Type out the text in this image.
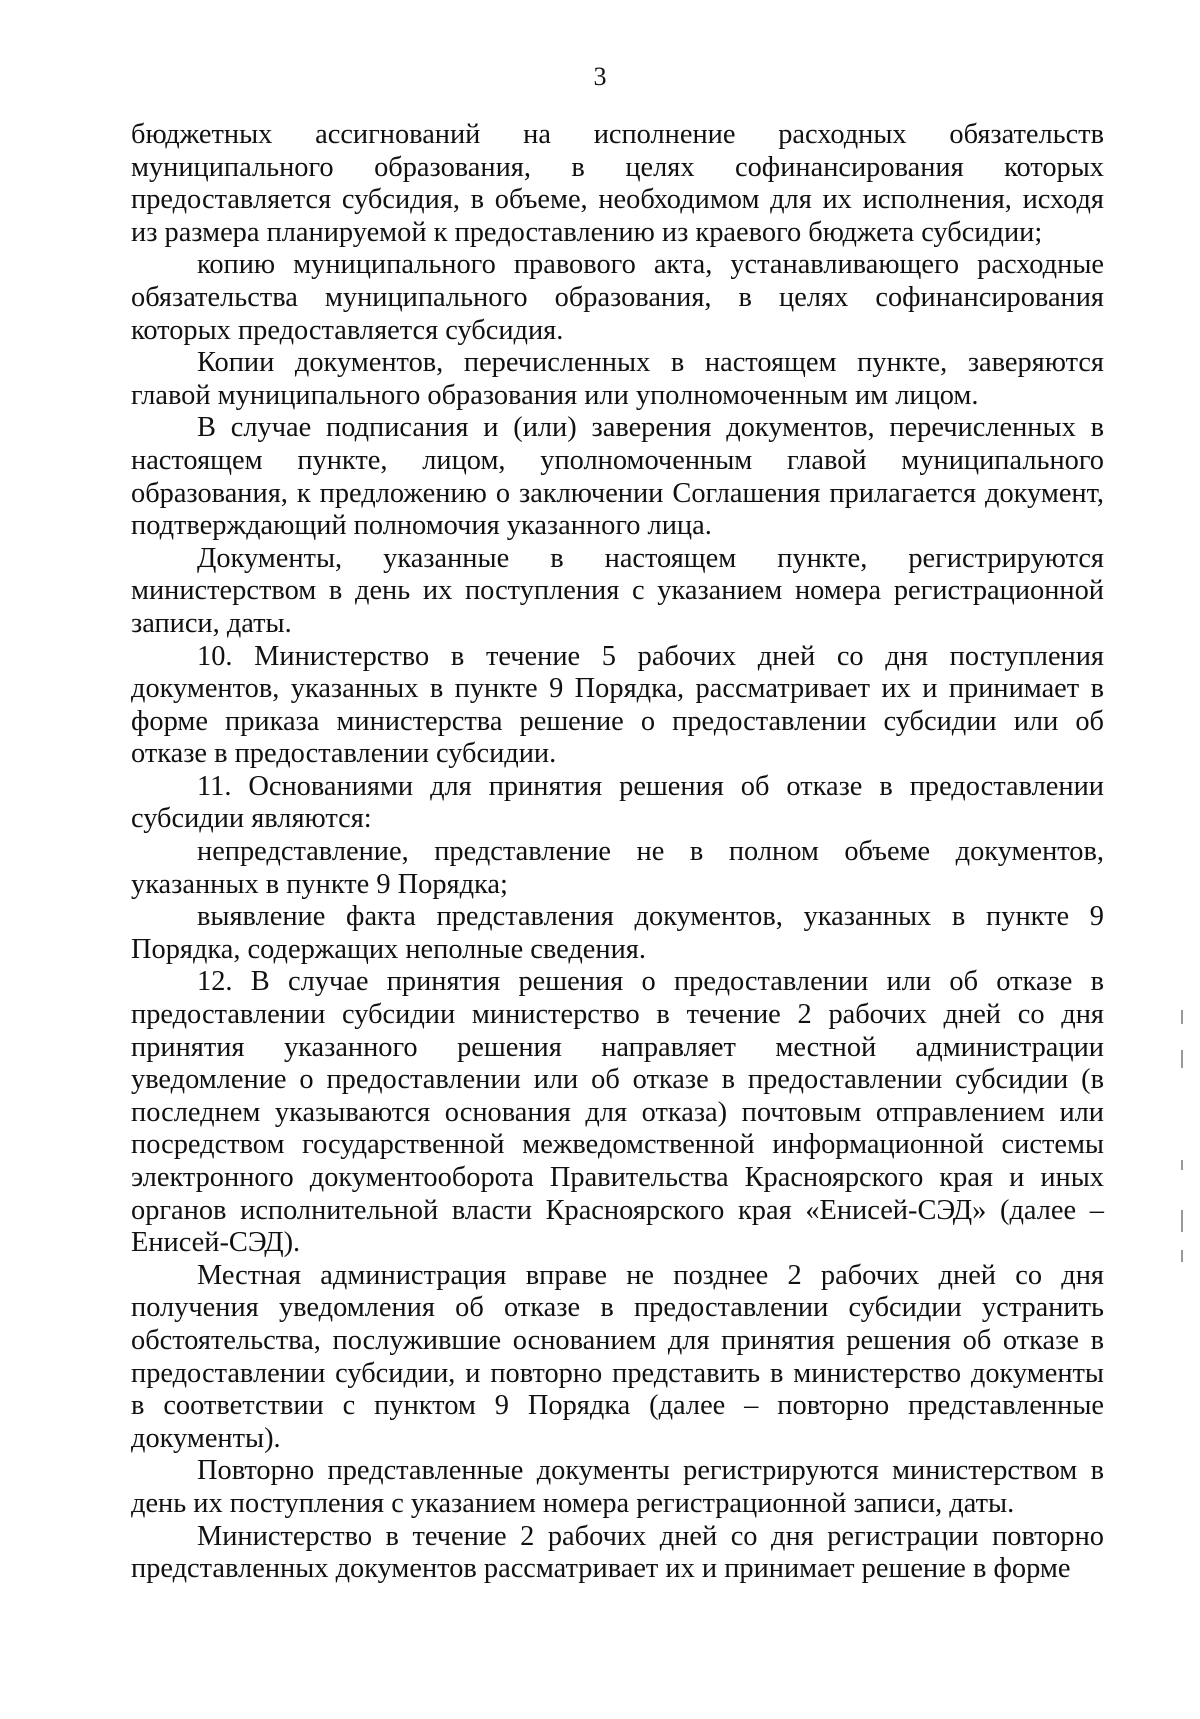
3

бюджетных ассигнований на исполнение расходных обязательств муниципального образования, в целях софинансирования которых предоставляется субсидия, в объеме, необходимом для их исполнения, исходя из размера планируемой к предоставлению из краевого бюджета субсидии;

копию муниципального правового акта, устанавливающего расходные обязательства муниципального образования, в целях софинансирования которых предоставляется субсидия.

Копии документов, перечисленных в настоящем пункте, заверяются главой муниципального образования или уполномоченным им лицом.

В случае подписания и (или) заверения документов, перечисленных в настоящем пункте, лицом, уполномоченным главой муниципального образования, к предложению о заключении Соглашения прилагается документ, подтверждающий полномочия указанного лица.

Документы, указанные в настоящем пункте, регистрируются министерством в день их поступления с указанием номера регистрационной записи, даты.

10. Министерство в течение 5 рабочих дней со дня поступления документов, указанных в пункте 9 Порядка, рассматривает их и принимает в форме приказа министерства решение о предоставлении субсидии или об отказе в предоставлении субсидии.

11. Основаниями для принятия решения об отказе в предоставлении субсидии являются:

непредставление, представление не в полном объеме документов, указанных в пункте 9 Порядка;

выявление факта представления документов, указанных в пункте 9 Порядка, содержащих неполные сведения.

12. В случае принятия решения о предоставлении или об отказе в предоставлении субсидии министерство в течение 2 рабочих дней со дня принятия указанного решения направляет местной администрации уведомление о предоставлении или об отказе в предоставлении субсидии (в последнем указываются основания для отказа) почтовым отправлением или посредством государственной межведомственной информационной системы электронного документооборота Правительства Красноярского края и иных органов исполнительной власти Красноярского края «Енисей-СЭД» (далее – Енисей-СЭД).

Местная администрация вправе не позднее 2 рабочих дней со дня получения уведомления об отказе в предоставлении субсидии устранить обстоятельства, послужившие основанием для принятия решения об отказе в предоставлении субсидии, и повторно представить в министерство документы в соответствии с пунктом 9 Порядка (далее – повторно представленные документы).

Повторно представленные документы регистрируются министерством в день их поступления с указанием номера регистрационной записи, даты.

Министерство в течение 2 рабочих дней со дня регистрации повторно представленных документов рассматривает их и принимает решение в форме
